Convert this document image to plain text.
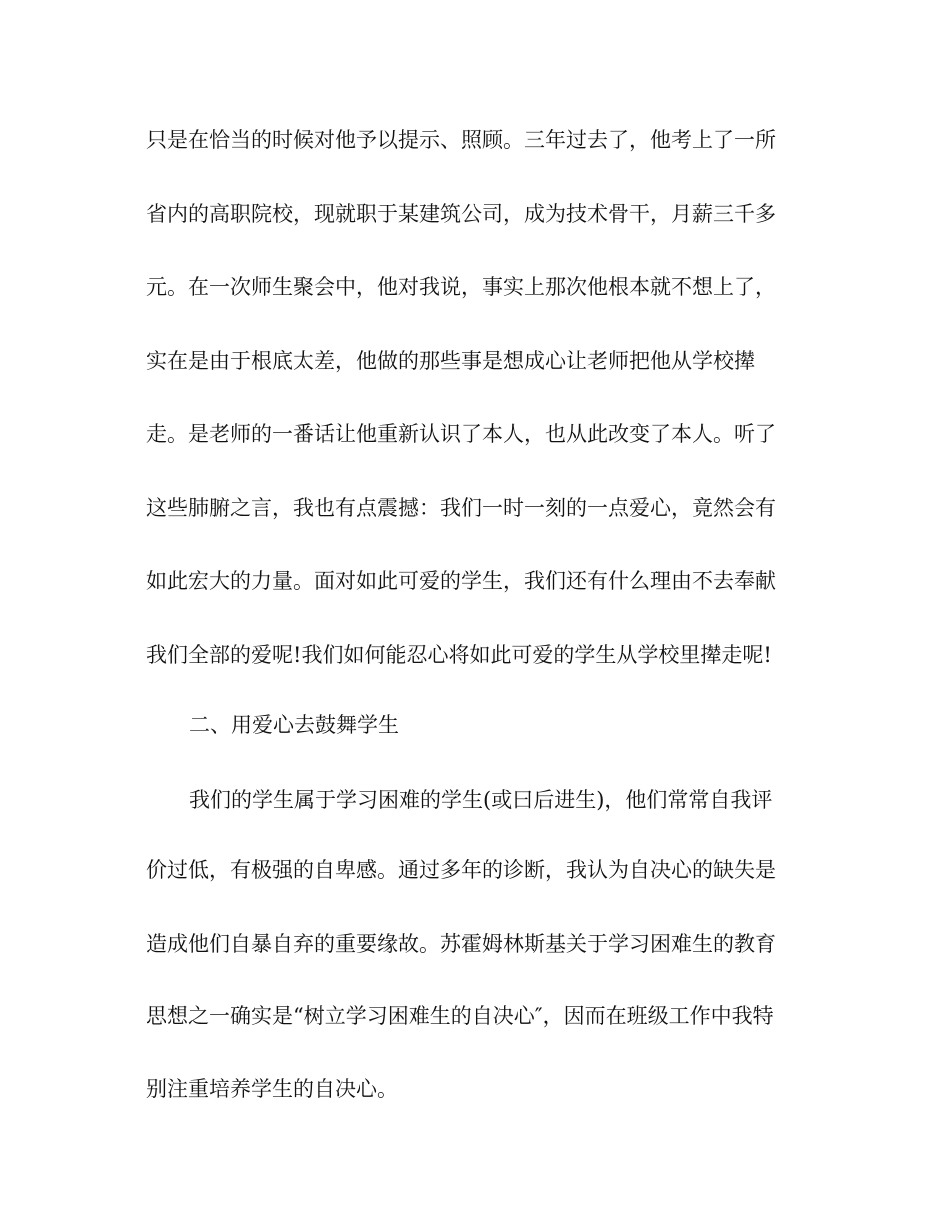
只是在恰当的时候对他予以提示、照顾。三年过去了，他考上了一所
省内的高职院校，现就职于某建筑公司，成为技术骨干，月薪三千多
元。在一次师生聚会中，他对我说，事实上那次他根本就不想上了，
实在是由于根底太差，他做的那些事是想成心让老师把他从学校撵
走。是老师的一番话让他重新认识了本人，也从此改变了本人。听了
这些肺腑之言，我也有点震撼：我们一时一刻的一点爱心，竟然会有
如此宏大的力量。面对如此可爱的学生，我们还有什么理由不去奉献
我们全部的爱呢!我们如何能忍心将如此可爱的学生从学校里撵走呢!
二、用爱心去鼓舞学生
我们的学生属于学习困难的学生(或曰后进生)，他们常常自我评
价过低，有极强的自卑感。通过多年的诊断，我认为自决心的缺失是
造成他们自暴自弃的重要缘故。苏霍姆林斯基关于学习困难生的教育
思想之一确实是“树立学习困难生的自决心″，因而在班级工作中我特
别注重培养学生的自决心。
